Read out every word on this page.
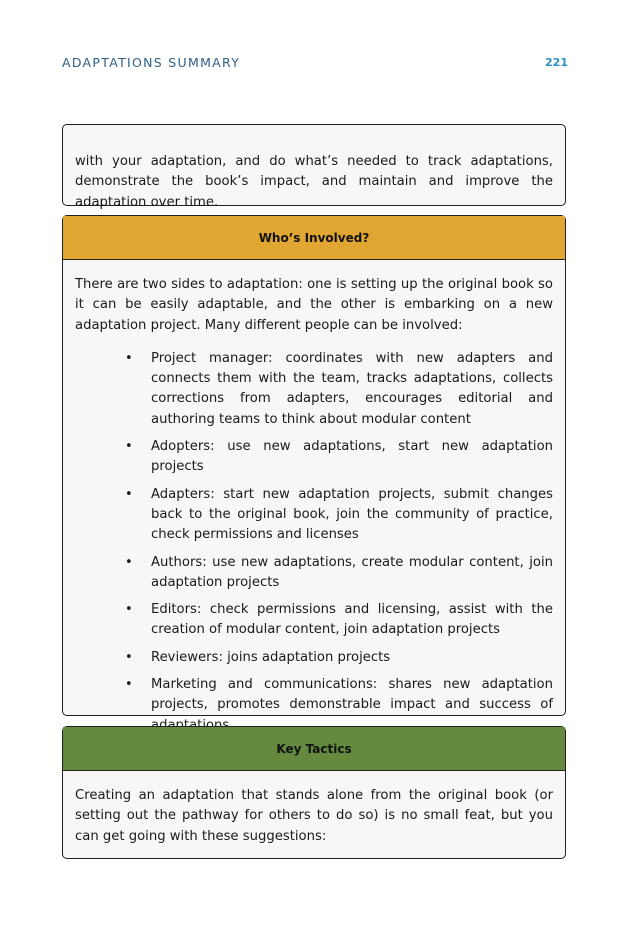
ADAPTATIONS SUMMARY	221

with your adaptation, and do what’s needed to track adaptations, demonstrate the book’s impact, and maintain and improve the adaptation over time.

Who’s Involved?

There are two sides to adaptation: one is setting up the original book so it can be easily adaptable, and the other is embarking on a new adaptation project. Many different people can be involved:

• Project manager: coordinates with new adapters and connects them with the team, tracks adaptations, collects corrections from adapters, encourages editorial and authoring teams to think about modular content
• Adopters: use new adaptations, start new adaptation projects
• Adapters: start new adaptation projects, submit changes back to the original book, join the community of practice, check permissions and licenses
• Authors: use new adaptations, create modular content, join adaptation projects
• Editors: check permissions and licensing, assist with the creation of modular content, join adaptation projects
• Reviewers: joins adaptation projects
• Marketing and communications: shares new adaptation projects, promotes demonstrable impact and success of
Key Tactics

Creating an adaptation that stands alone from the original book (or setting out the pathway for others to do so) is no small feat, but you can get going with these suggestions:
